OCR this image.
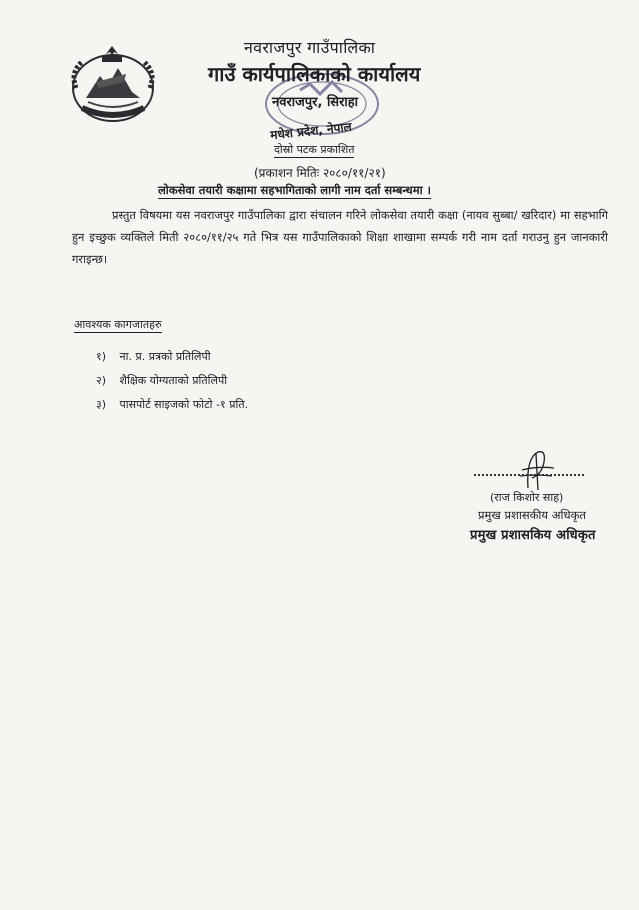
नवराजपुर गाउँपालिका
गाउँ कार्यपालिकाको कार्यालय
नवराजपुर, सिराहा
मधेश प्रदेश, नेपाल
दोस्रो पटक प्रकाशित
(प्रकाशन मितिः २०८०/११/२१)
लोकसेवा तयारी कक्षामा सहभागिताको लागी नाम दर्ता सम्बन्धमा ।

प्रस्तुत विषयमा यस नवराजपुर गाउँपालिका द्वारा संचालन गरिने लोकसेवा तयारी कक्षा (नायव सुब्बा/ खरिदार) मा सहभागि हुन इच्छुक व्यक्तिले मिती २०८०/११/२५ गते भित्र यस गाउँपालिकाको शिक्षा शाखामा सम्पर्क गरी नाम दर्ता गराउनु हुन जानकारी गराइन्छ।

आवश्यक कागजातहरु
१) ना. प्र. प्रत्रको प्रतिलिपी
२) शैक्षिक योग्यताको प्रतिलिपी
३) पासपोर्ट साइजको फोटो -१ प्रति.
(राज किशोर साह)
प्रमुख प्रशासकीय अधिकृत
प्रमुख प्रशासकिय अधिकृत
